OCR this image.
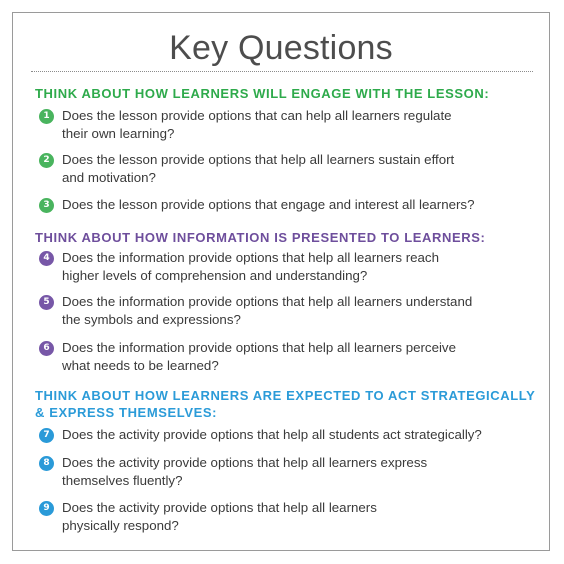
Key Questions
THINK ABOUT HOW LEARNERS WILL ENGAGE WITH THE LESSON:
1 Does the lesson provide options that can help all learners regulate
their own learning?
2 Does the lesson provide options that help all learners sustain effort
and motivation?
3 Does the lesson provide options that engage and interest all learners?
THINK ABOUT HOW INFORMATION IS PRESENTED TO LEARNERS:
4 Does the information provide options that help all learners reach
higher levels of comprehension and understanding?
5 Does the information provide options that help all learners understand
the symbols and expressions?
6 Does the information provide options that help all learners perceive
what needs to be learned?
THINK ABOUT HOW LEARNERS ARE EXPECTED TO ACT STRATEGICALLY
& EXPRESS THEMSELVES:
7 Does the activity provide options that help all students act strategically?
8 Does the activity provide options that help all learners express
themselves fluently?
9 Does the activity provide options that help all learners
physically respond?
